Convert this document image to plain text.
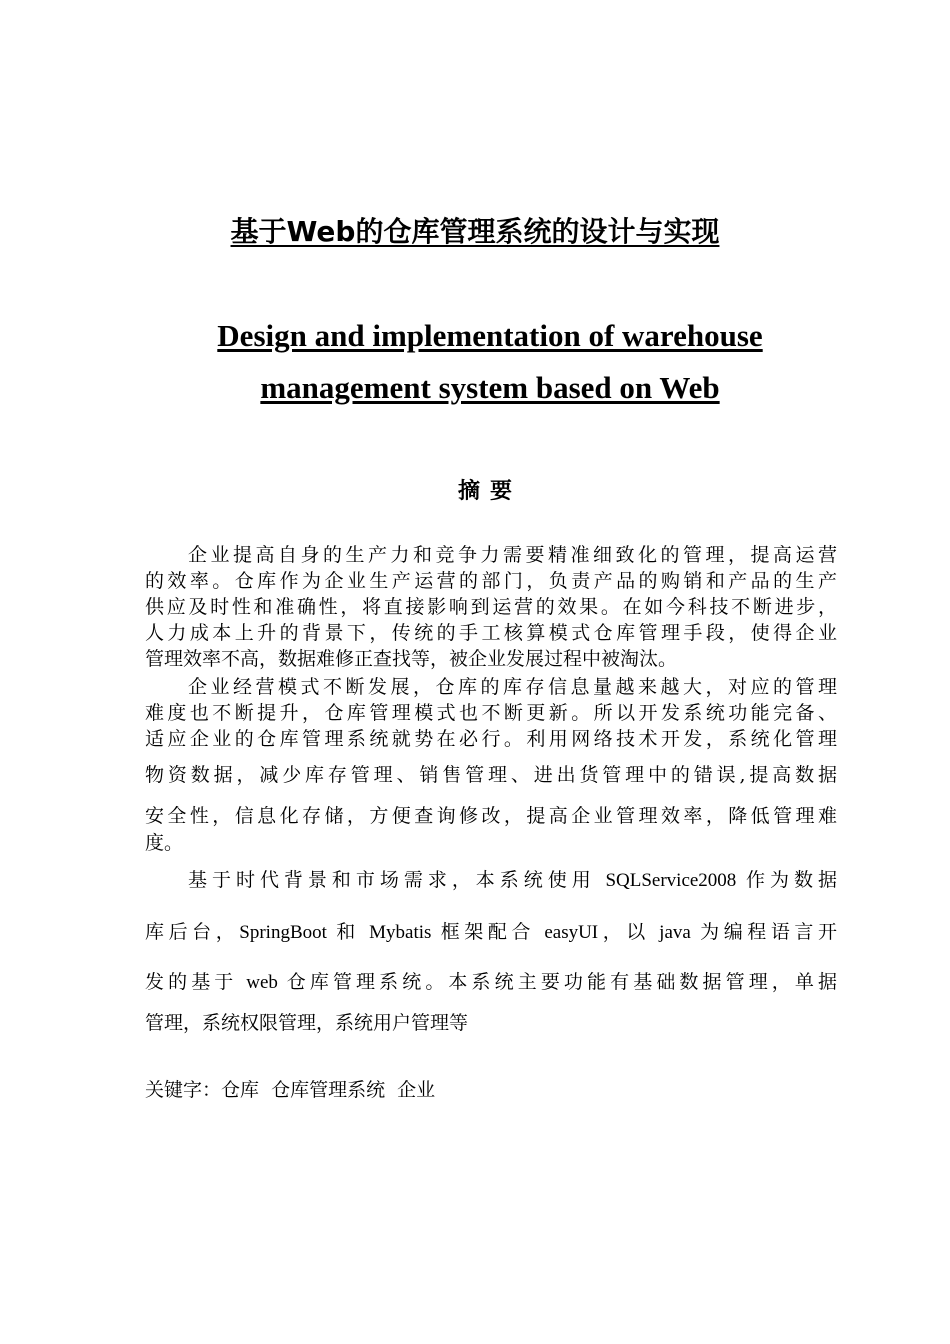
基于Web的仓库管理系统的设计与实现
Design and implementation of warehouse
management system based on Web
摘要
企业提高自身的生产力和竞争力需要精准细致化的管理，提高运营
的效率。仓库作为企业生产运营的部门，负责产品的购销和产品的生产
供应及时性和准确性，将直接影响到运营的效果。在如今科技不断进步，
人力成本上升的背景下，传统的手工核算模式仓库管理手段，使得企业
管理效率不高，数据难修正查找等，被企业发展过程中被淘汰。
企业经营模式不断发展，仓库的库存信息量越来越大，对应的管理
难度也不断提升，仓库管理模式也不断更新。所以开发系统功能完备、
适应企业的仓库管理系统就势在必行。利用网络技术开发，系统化管理
物资数据，减少库存管理、销售管理、进出货管理中的错误,提高数据
安全性，信息化存储，方便查询修改，提高企业管理效率，降低管理难
度。
基于时代背景和市场需求，本系统使用 SQLService2008 作为数据
库后台，SpringBoot 和 Mybatis 框架配合 easyUI，以 java 为编程语言开
发的基于 web 仓库管理系统。本系统主要功能有基础数据管理，单据
管理，系统权限管理，系统用户管理等
关键字：仓库  仓库管理系统  企业
